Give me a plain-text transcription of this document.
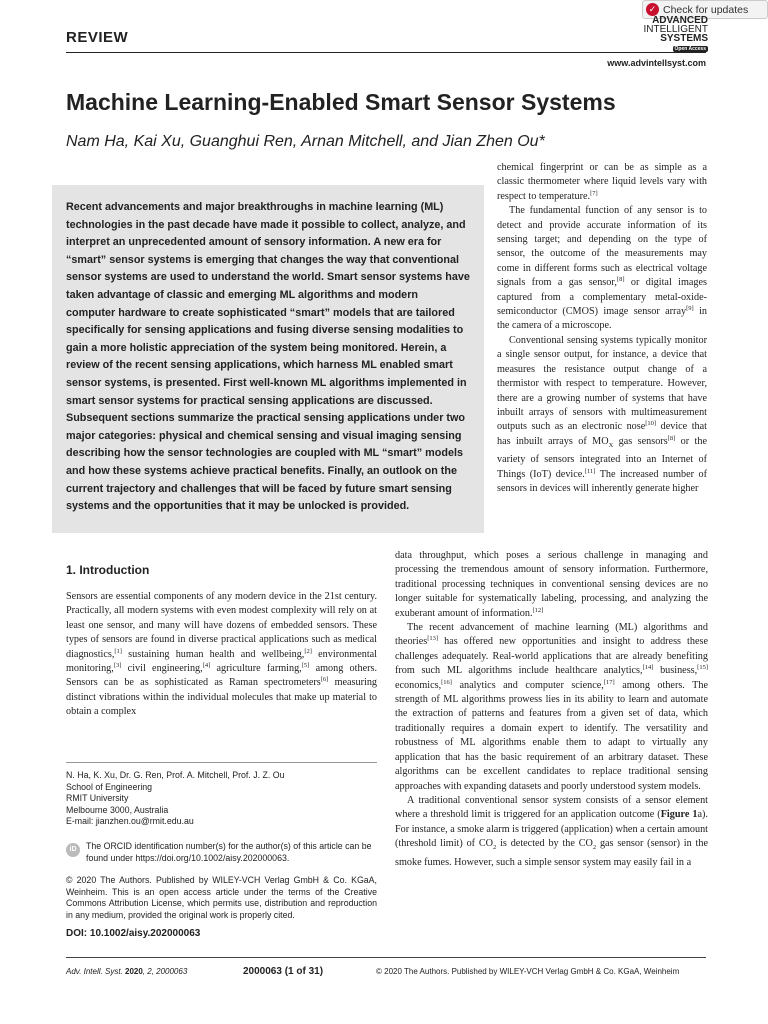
REVIEW
✓ Check for updates
ADVANCED
INTELLIGENT
SYSTEMS
Open Access
www.advintellsyst.com
Machine Learning-Enabled Smart Sensor Systems
Nam Ha, Kai Xu, Guanghui Ren, Arnan Mitchell, and Jian Zhen Ou*

Recent advancements and major breakthroughs in machine learning (ML) technologies in the past decade have made it possible to collect, analyze, and interpret an unprecedented amount of sensory information. A new era for “smart” sensor systems is emerging that changes the way that conventional sensor systems are used to understand the world. Smart sensor systems have taken advantage of classic and emerging ML algorithms and modern computer hardware to create sophisticated “smart” models that are tailored specifically for sensing applications and fusing diverse sensing modalities to gain a more holistic appreciation of the system being monitored. Herein, a review of the recent sensing applications, which harness ML enabled smart sensor systems, is presented. First well-known ML algorithms implemented in smart sensor systems for practical sensing applications are discussed. Subsequent sections summarize the practical sensing applications under two major categories: physical and chemical sensing and visual imaging sensing describing how the sensor technologies are coupled with ML “smart” models and how these systems achieve practical benefits. Finally, an outlook on the current trajectory and challenges that will be faced by future smart sensing systems and the opportunities that it may be unlocked is provided.

chemical fingerprint or can be as simple as a classic thermometer where liquid levels vary with respect to temperature.[7]

The fundamental function of any sensor is to detect and provide accurate information of its sensing target; and depending on the type of sensor, the outcome of the measurements may come in different forms such as electrical voltage signals from a gas sensor,[8] or digital images captured from a complementary metal-oxide-semiconductor (CMOS) image sensor array[9] in the camera of a microscope.

Conventional sensing systems typically monitor a single sensor output, for instance, a device that measures the resistance output change of a thermistor with respect to temperature. However, there are a growing number of systems that have inbuilt arrays of sensors with multimeasurement outputs such as an electronic nose[10] device that has inbuilt arrays of $MO_X$ gas sensors[8] or the variety of sensors integrated into an Internet of Things (IoT) device.[11] The increased number of sensors in devices will inherently generate higher

data throughput, which poses a serious challenge in managing and processing the tremendous amount of sensory information. Furthermore, traditional processing techniques in conventional sensing devices are no longer suitable for systematically labeling, processing, and analyzing the exuberant amount of information.[12]

The recent advancement of machine learning (ML) algorithms and theories[13] has offered new opportunities and insight to address these challenges adequately. Real-world applications that are already benefiting from such ML algorithms include healthcare analytics,[14] business,[15] economics,[16] analytics and computer science,[17] among others. The strength of ML algorithms prowess lies in its ability to learn and automate the extraction of patterns and features from a given set of data, which traditionally requires a domain expert to identify. The versatility and robustness of ML algorithms enable them to adapt to virtually any application that has the basic requirement of an arbitrary dataset. These algorithms can be excellent candidates to replace traditional sensing approaches with expanding datasets and poorly understood system models.

A traditional conventional sensor system consists of a sensor element where a threshold limit is triggered for an application outcome (Figure 1a). For instance, a smoke alarm is triggered (application) when a certain amount (threshold limit) of $CO_2$ is detected by the $CO_2$ gas sensor (sensor) in the smoke fumes. However, such a simple sensor system may easily fail in a

1. Introduction

Sensors are essential components of any modern device in the 21st century. Practically, all modern systems with even modest complexity will rely on at least one sensor, and many will have dozens of embedded sensors. These types of sensors are found in diverse practical applications such as medical diagnostics,[1] sustaining human health and wellbeing,[2] environmental monitoring,[3] civil engineering,[4] agriculture farming,[5] among others. Sensors can be as sophisticated as Raman spectrometers[6] measuring distinct vibrations within the individual molecules that make up material to obtain a complex

N. Ha, K. Xu, Dr. G. Ren, Prof. A. Mitchell, Prof. J. Z. Ou
School of Engineering
RMIT University
Melbourne 3000, Australia
E-mail: jianzhen.ou@rmit.edu.au
iD	The ORCID identification number(s) for the author(s) of this article can be found under https://doi.org/10.1002/aisy.202000063.
© 2020 The Authors. Published by WILEY-VCH Verlag GmbH & Co. KGaA, Weinheim. This is an open access article under the terms of the Creative Commons Attribution License, which permits use, distribution and reproduction in any medium, provided the original work is properly cited.
DOI: 10.1002/aisy.202000063
Adv. Intell. Syst. 2020, 2, 2000063	2000063 (1 of 31)	© 2020 The Authors. Published by WILEY-VCH Verlag GmbH & Co. KGaA, Weinheim
